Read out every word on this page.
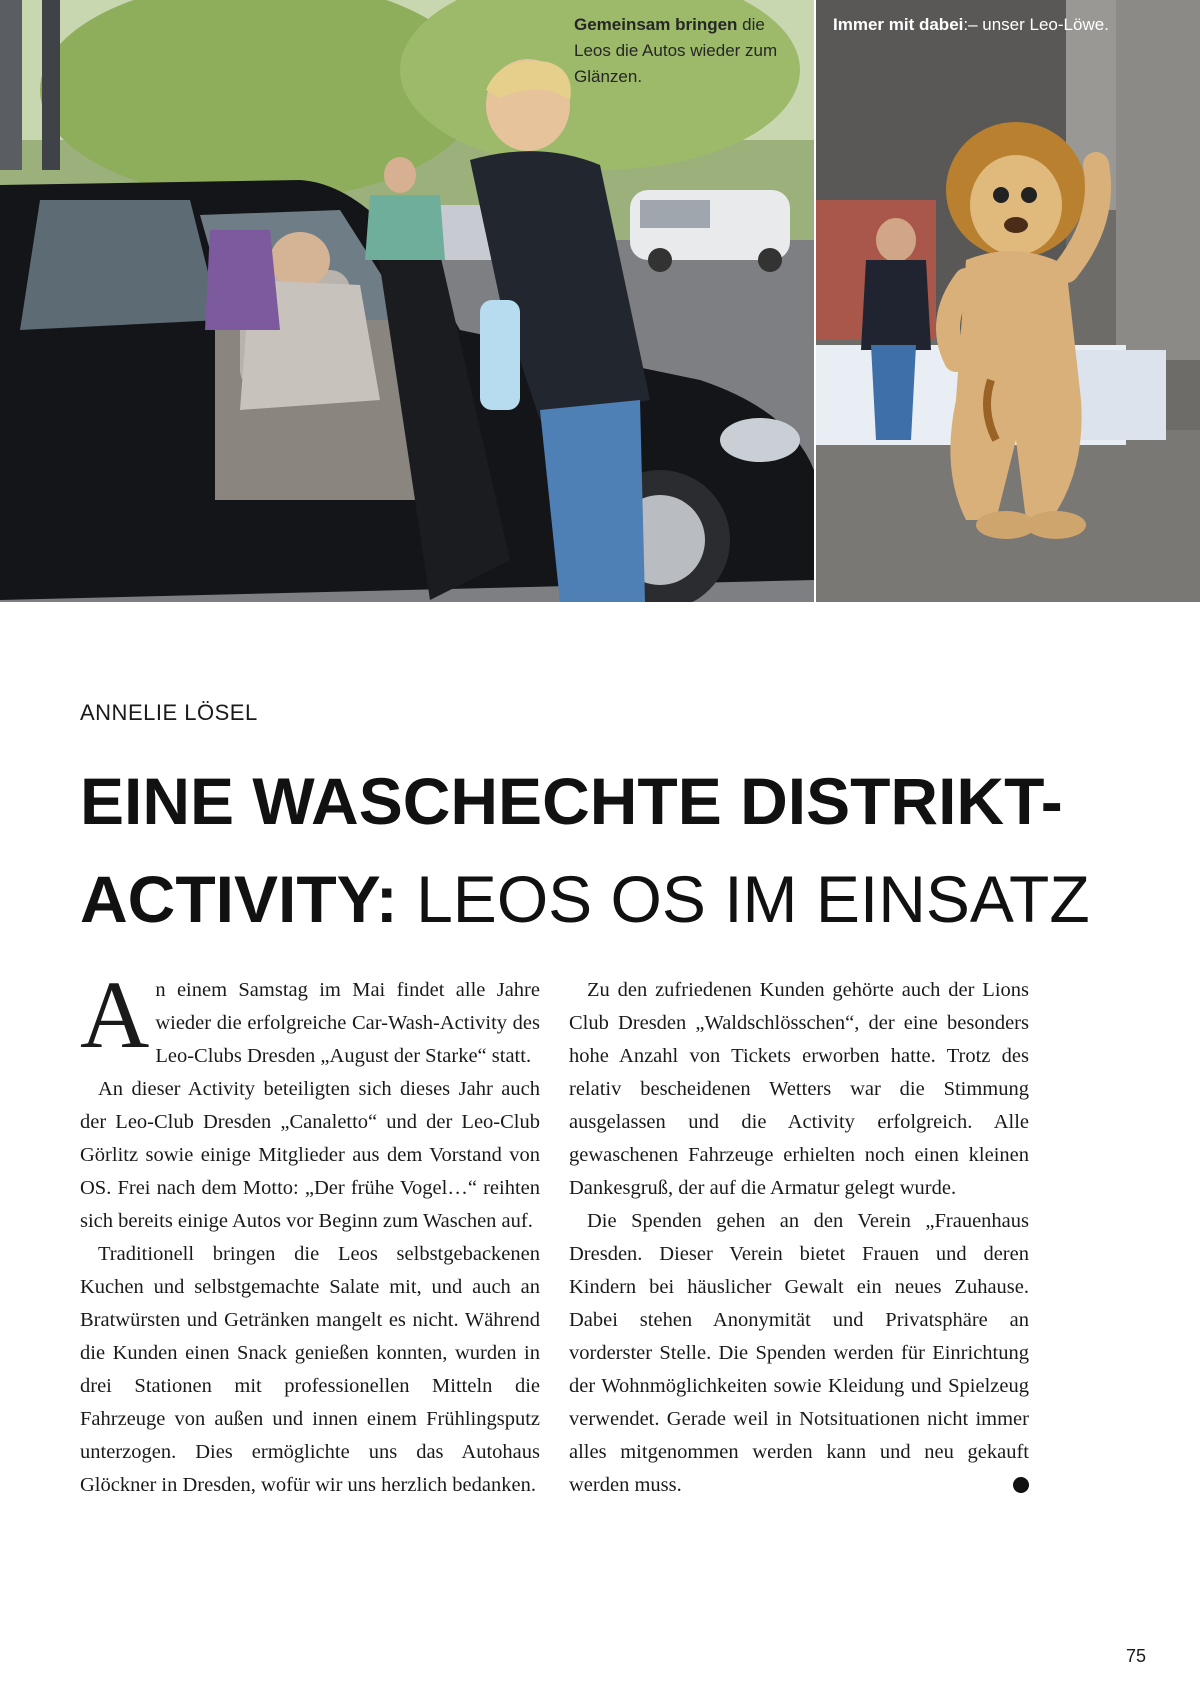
Gemeinsam bringen die Leos die Autos wieder zum Glänzen.
Immer mit dabei:– unser Leo-Löwe.
ANNELIE LÖSEL
EINE WASCHECHTE DISTRIKT-
ACTIVITY: LEOS OS IM EINSATZ

An einem Samstag im Mai findet alle Jahre wieder die erfolgreiche Car-Wash-Activity des Leo-Clubs Dresden „August der Starke“ statt.

An dieser Activity beteiligten sich dieses Jahr auch der Leo-Club Dresden „Canaletto“ und der Leo-Club Görlitz sowie einige Mitglieder aus dem Vorstand von OS. Frei nach dem Motto: „Der frühe Vogel…“ reihten sich bereits einige Autos vor Beginn zum Waschen auf.

Traditionell bringen die Leos selbstgebackenen Kuchen und selbstgemachte Salate mit, und auch an Bratwürsten und Getränken mangelt es nicht. Während die Kunden einen Snack genießen konnten, wurden in drei Stationen mit professionellen Mitteln die Fahrzeuge von außen und innen einem Frühlingsputz unterzogen. Dies ermöglichte uns das Autohaus Glöckner in Dresden, wofür wir uns herzlich bedanken.

Zu den zufriedenen Kunden gehörte auch der Lions Club Dresden „Waldschlösschen“, der eine besonders hohe Anzahl von Tickets erworben hatte. Trotz des relativ bescheidenen Wetters war die Stimmung ausgelassen und die Activity erfolgreich. Alle gewaschenen Fahrzeuge erhielten noch einen kleinen Dankesgruß, der auf die Armatur gelegt wurde.

Die Spenden gehen an den Verein „Frauenhaus Dresden. Dieser Verein bietet Frauen und deren Kindern bei häuslicher Gewalt ein neues Zuhause. Dabei stehen Anonymität und Privatsphäre an vorderster Stelle. Die Spenden werden für Einrichtung der Wohnmöglichkeiten sowie Kleidung und Spielzeug verwendet. Gerade weil in Notsituationen nicht immer alles mitgenommen werden kann und neu gekauft werden muss.	L

75
